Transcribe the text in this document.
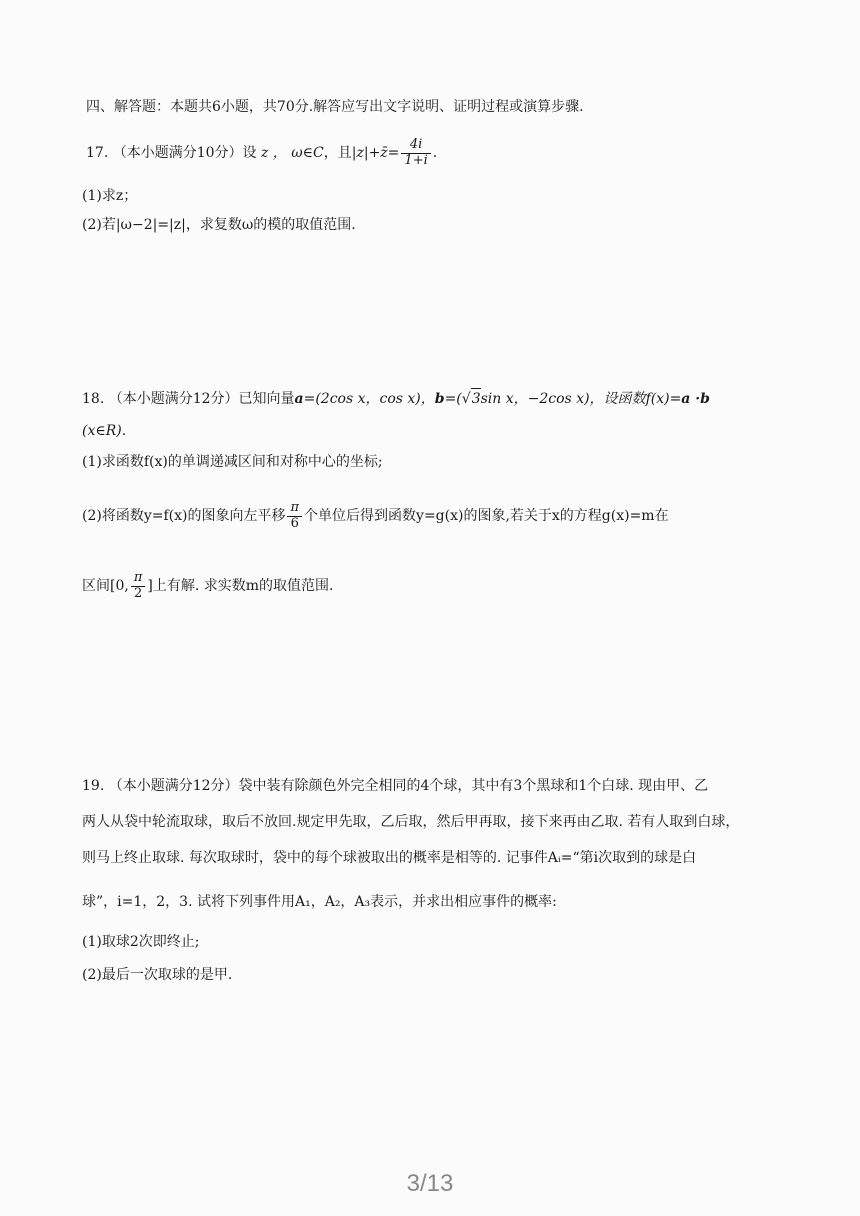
四、解答题：本题共6小题，共70分.解答应写出文字说明、证明过程或演算步骤.
17. （本小题满分10分）设 z ， ω∈C，且|z|+z̄= $\frac{4i}{1+i}$ .
(1)求z；
(2)若|ω−2|=|z|，求复数ω的模的取值范围.
18. （本小题满分12分）已知向量a=(2cos x，cos x)，b=(√3sin x，−2cos x)，设函数f(x)=a ·b
(x∈R).
(1)求函数f(x)的单调递减区间和对称中心的坐标;
(2)将函数y=f(x)的图象向左平移 $\frac{\pi}{6}$ 个单位后得到函数y=g(x)的图象,若关于x的方程g(x)=m在
区间[0, $\frac{\pi}{2}$ ]上有解. 求实数m的取值范围.
19. （本小题满分12分）袋中装有除颜色外完全相同的4个球，其中有3个黑球和1个白球. 现由甲、乙
两人从袋中轮流取球，取后不放回.规定甲先取，乙后取，然后甲再取，接下来再由乙取. 若有人取到白球，
则马上终止取球. 每次取球时，袋中的每个球被取出的概率是相等的. 记事件Aᵢ=“第i次取到的球是白
球”，i=1，2，3. 试将下列事件用A₁，A₂，A₃表示，并求出相应事件的概率:
(1)取球2次即终止;
(2)最后一次取球的是甲.
3/13
